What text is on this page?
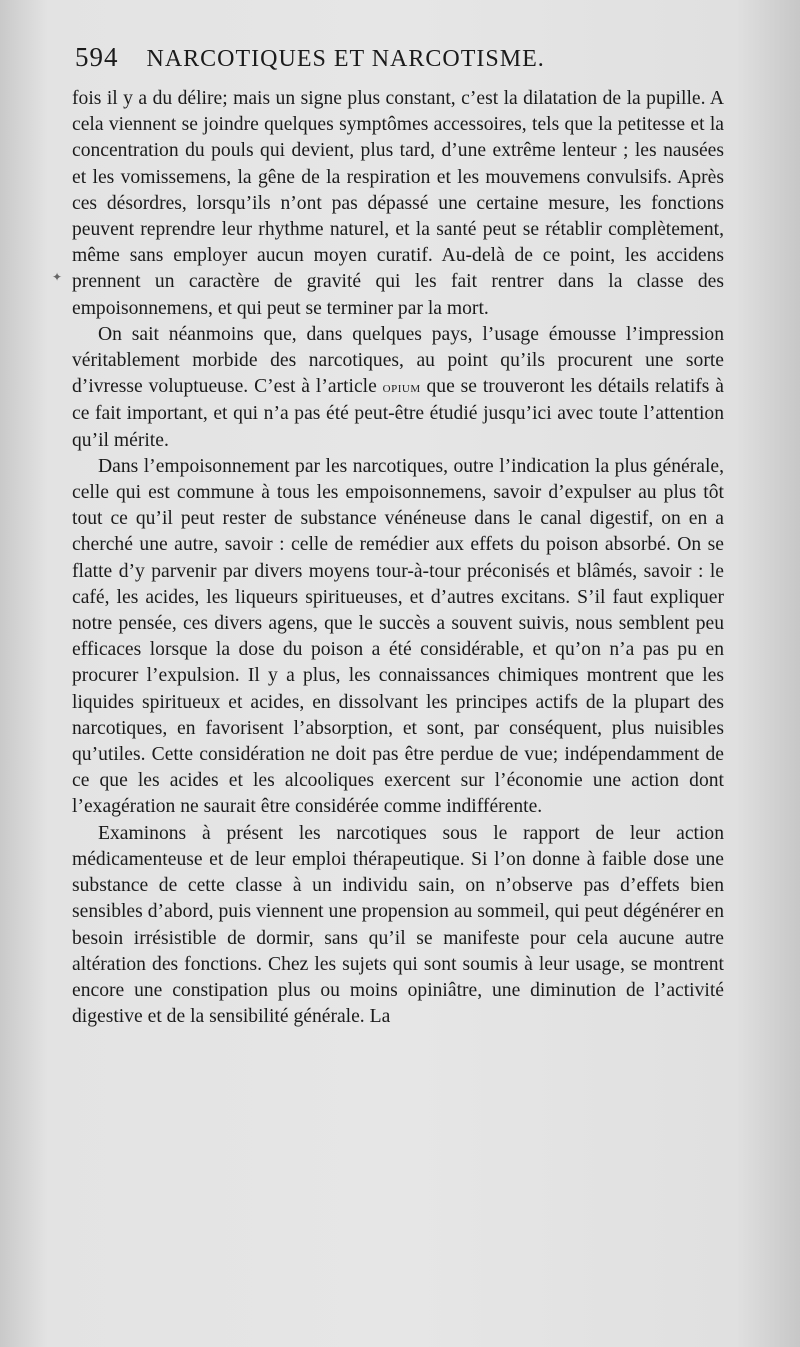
✦
594 NARCOTIQUES ET NARCOTISME.

fois il y a du délire; mais un signe plus constant, c’est la dilatation de la pupille. A cela viennent se joindre quelques symptômes accessoires, tels que la petitesse et la concentration du pouls qui devient, plus tard, d’une extrême lenteur ; les nausées et les vomissemens, la gêne de la respiration et les mouvemens convulsifs. Après ces désordres, lorsqu’ils n’ont pas dépassé une certaine mesure, les fonctions peuvent reprendre leur rhythme naturel, et la santé peut se rétablir complètement, même sans employer aucun moyen curatif. Au-delà de ce point, les accidens prennent un caractère de gravité qui les fait rentrer dans la classe des empoisonnemens, et qui peut se terminer par la mort.

On sait néanmoins que, dans quelques pays, l’usage émousse l’impression véritablement morbide des narcotiques, au point qu’ils procurent une sorte d’ivresse voluptueuse. C’est à l’article opium que se trouveront les détails relatifs à ce fait important, et qui n’a pas été peut-être étudié jusqu’ici avec toute l’attention qu’il mérite.

Dans l’empoisonnement par les narcotiques, outre l’indication la plus générale, celle qui est commune à tous les empoisonnemens, savoir d’expulser au plus tôt tout ce qu’il peut rester de substance vénéneuse dans le canal digestif, on en a cherché une autre, savoir : celle de remédier aux effets du poison absorbé. On se flatte d’y parvenir par divers moyens tour-à-tour préconisés et blâmés, savoir : le café, les acides, les liqueurs spiritueuses, et d’autres excitans. S’il faut expliquer notre pensée, ces divers agens, que le succès a souvent suivis, nous semblent peu efficaces lorsque la dose du poison a été considérable, et qu’on n’a pas pu en procurer l’expulsion. Il y a plus, les connaissances chimiques montrent que les liquides spiritueux et acides, en dissolvant les principes actifs de la plupart des narcotiques, en favorisent l’absorption, et sont, par conséquent, plus nuisibles qu’utiles. Cette considération ne doit pas être perdue de vue; indépendamment de ce que les acides et les alcooliques exercent sur l’économie une action dont l’exagération ne saurait être considérée comme indifférente.

Examinons à présent les narcotiques sous le rapport de leur action médicamenteuse et de leur emploi thérapeutique. Si l’on donne à faible dose une substance de cette classe à un individu sain, on n’observe pas d’effets bien sensibles d’abord, puis viennent une propension au sommeil, qui peut dégénérer en besoin irrésistible de dormir, sans qu’il se manifeste pour cela aucune autre altération des fonctions. Chez les sujets qui sont soumis à leur usage, se montrent encore une constipation plus ou moins opiniâtre, une diminution de l’activité digestive et de la sensibilité générale. La
